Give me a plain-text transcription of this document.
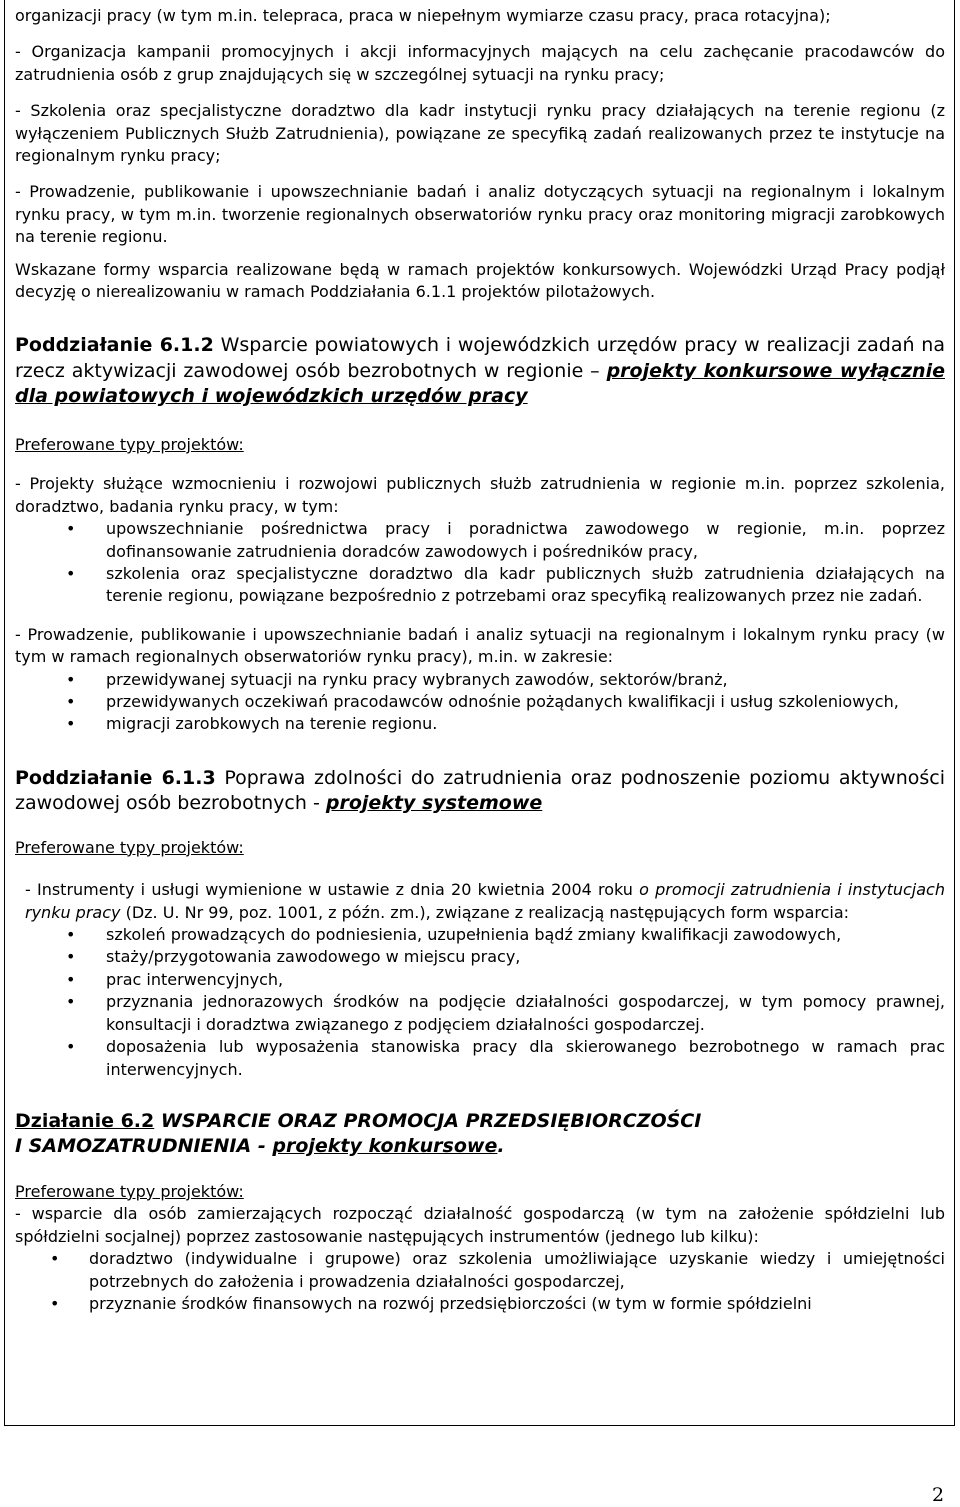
organizacji pracy (w tym m.in. telepraca, praca w niepełnym wymiarze czasu pracy, praca rotacyjna);

- Organizacja kampanii promocyjnych i akcji informacyjnych mających na celu zachęcanie pracodawców do zatrudnienia osób z grup znajdujących się w szczególnej sytuacji na rynku pracy;

- Szkolenia oraz specjalistyczne doradztwo dla kadr instytucji rynku pracy działających na terenie regionu (z wyłączeniem Publicznych Służb Zatrudnienia), powiązane ze specyfiką zadań realizowanych przez te instytucje na regionalnym rynku pracy;

- Prowadzenie, publikowanie i upowszechnianie badań i analiz dotyczących sytuacji na regionalnym i lokalnym rynku pracy, w tym m.in. tworzenie regionalnych obserwatoriów rynku pracy oraz monitoring migracji zarobkowych na terenie regionu.

Wskazane formy wsparcia realizowane będą w ramach projektów konkursowych. Wojewódzki Urząd Pracy podjął decyzję o nierealizowaniu w ramach Poddziałania 6.1.1 projektów pilotażowych.

Poddziałanie 6.1.2 Wsparcie powiatowych i wojewódzkich urzędów pracy w realizacji zadań na rzecz aktywizacji zawodowej osób bezrobotnych w regionie – projekty konkursowe wyłącznie dla powiatowych i wojewódzkich urzędów pracy

Preferowane typy projektów:

- Projekty służące wzmocnieniu i rozwojowi publicznych służb zatrudnienia w regionie m.in. poprzez szkolenia, doradztwo, badania rynku pracy, w tym:

• upowszechnianie pośrednictwa pracy i poradnictwa zawodowego w regionie, m.in. poprzez dofinansowanie zatrudnienia doradców zawodowych i pośredników pracy,
• szkolenia oraz specjalistyczne doradztwo dla kadr publicznych służb zatrudnienia działających na terenie regionu, powiązane bezpośrednio z potrzebami oraz specyfiką realizowanych przez nie zadań.

- Prowadzenie, publikowanie i upowszechnianie badań i analiz sytuacji na regionalnym i lokalnym rynku pracy (w tym w ramach regionalnych obserwatoriów rynku pracy), m.in. w zakresie:

• przewidywanej sytuacji na rynku pracy wybranych zawodów, sektorów/branż,
• przewidywanych oczekiwań pracodawców odnośnie pożądanych kwalifikacji i usług szkoleniowych,
• migracji zarobkowych na terenie regionu.

Poddziałanie 6.1.3 Poprawa zdolności do zatrudnienia oraz podnoszenie poziomu aktywności zawodowej osób bezrobotnych - projekty systemowe

Preferowane typy projektów:

- Instrumenty i usługi wymienione w ustawie z dnia 20 kwietnia 2004 roku o promocji zatrudnienia i instytucjach rynku pracy (Dz. U. Nr 99, poz. 1001, z późn. zm.), związane z realizacją następujących form wsparcia:

• szkoleń prowadzących do podniesienia, uzupełnienia bądź zmiany kwalifikacji zawodowych,
• staży/przygotowania zawodowego w miejscu pracy,
• prac interwencyjnych,
• przyznania jednorazowych środków na podjęcie działalności gospodarczej, w tym pomocy prawnej, konsultacji i doradztwa związanego z podjęciem działalności gospodarczej.
• doposażenia lub wyposażenia stanowiska pracy dla skierowanego bezrobotnego w ramach prac interwencyjnych.

Działanie 6.2 WSPARCIE ORAZ PROMOCJA PRZEDSIĘBIORCZOŚCI
I SAMOZATRUDNIENIA - projekty konkursowe.

Preferowane typy projektów:

- wsparcie dla osób zamierzających rozpocząć działalność gospodarczą (w tym na założenie spółdzielni lub spółdzielni socjalnej) poprzez zastosowanie następujących instrumentów (jednego lub kilku):

• doradztwo (indywidualne i grupowe) oraz szkolenia umożliwiające uzyskanie wiedzy i umiejętności potrzebnych do założenia i prowadzenia działalności gospodarczej,
• przyznanie środków finansowych na rozwój przedsiębiorczości (w tym w formie spółdzielni
2
